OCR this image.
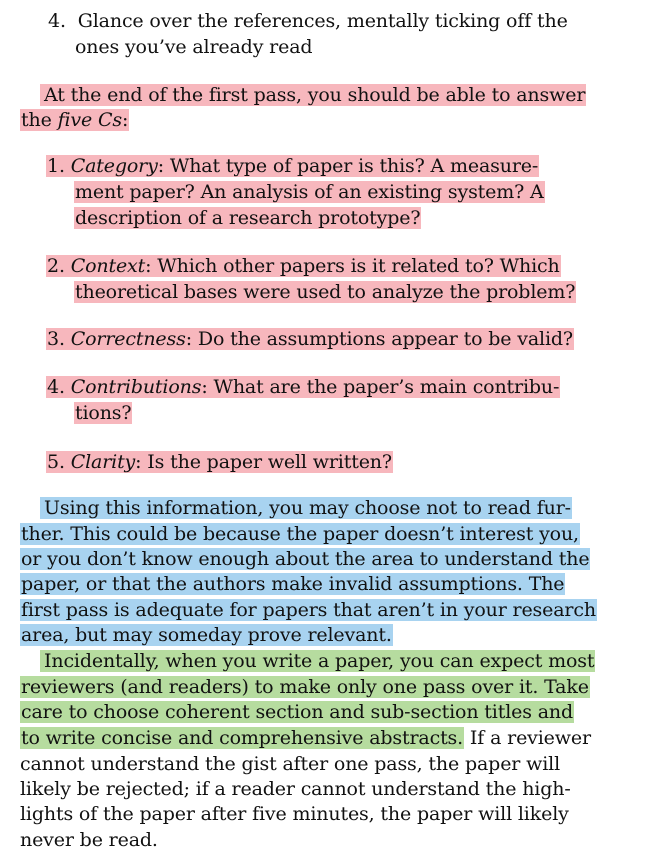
4. Glance over the references, mentally ticking off the
ones you’ve already read
At the end of the first pass, you should be able to answer
the five Cs:
1. Category: What type of paper is this? A measure-
ment paper? An analysis of an existing system? A
description of a research prototype?
2. Context: Which other papers is it related to? Which
theoretical bases were used to analyze the problem?
3. Correctness: Do the assumptions appear to be valid?
4. Contributions: What are the paper’s main contribu-
tions?
5. Clarity: Is the paper well written?
Using this information, you may choose not to read fur-
ther. This could be because the paper doesn’t interest you,
or you don’t know enough about the area to understand the
paper, or that the authors make invalid assumptions. The
first pass is adequate for papers that aren’t in your research
area, but may someday prove relevant.
Incidentally, when you write a paper, you can expect most
reviewers (and readers) to make only one pass over it. Take
care to choose coherent section and sub-section titles and
to write concise and comprehensive abstracts. If a reviewer
cannot understand the gist after one pass, the paper will
likely be rejected; if a reader cannot understand the high-
lights of the paper after five minutes, the paper will likely
never be read.
